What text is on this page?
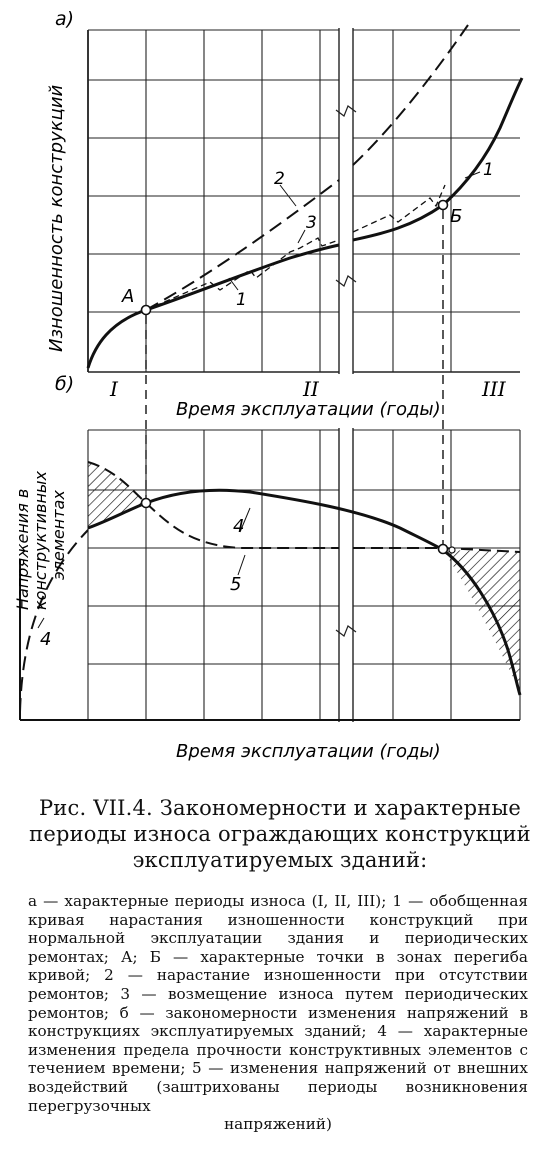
а)
2
3
1
1
А
Б
Изношенность конструкций
I	II	III
Время эксплуатации (годы)
б)
4
5
4
Напряжения в конструктивных элементах
Время эксплуатации (годы)
Рис. VII.4. Закономерности и характерные
периоды износа ограждающих конструкций
эксплуатируемых зданий:
а — характерные периоды износа (I, II, III); 1 — обобщенная кривая нарастания изношенности конструкций при нормальной эксплуатации здания и периодических ремонтах; А; Б — характерные точки в зонах перегиба кривой; 2 — нарастание изношенности при отсутствии ремонтов; 3 — возмещение износа путем периодических ремонтов; б — закономерности изменения напряжений в конструкциях эксплуатируемых зданий; 4 — характерные изменения предела прочности конструктивных элементов с течением времени; 5 — изменения напряжений от внешних воздействий (заштрихованы периоды возникновения перегрузочных
напряжений)
